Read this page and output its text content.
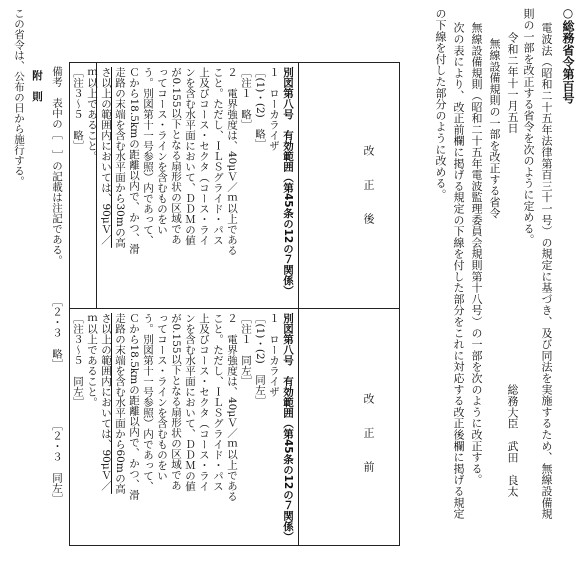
○総務省令第百号
電波法（昭和二十五年法律第百三十一号）の規定に基づき、及び同法を実施するため、無線設備規
則の一部を改正する省令を次のように定める。
令和二年十一月五日
総務大臣　武田　良太
無線設備規則の一部を改正する省令
無線設備規則（昭和二十五年電波監理委員会規則第十八号）の一部を次のように改正する。
次の表により、改正前欄に掲げる規定の下線を付した部分をこれに対応する改正後欄に掲げる規定
の下線を付した部分のように改める。
改　正　後
改　正　前
別図第八号　有効範囲（第45条の12の７関係）
１　ローカライザ
［(1)・(2)　略］
［注１　略］
２　電界強度は、40μＶ／ｍ以上である
こと。ただし、ＩＬＳグライド・パス
上及びコース・セクタ（コース・ライ
ンを含む水平面において、ＤＤＭの値
が0.155以下となる扇形状の区域であ
ってコース・ラインを含むものをい
う。別図第十一号参照）内であって、
Ｃから18.5kmの距離以内で、かつ、滑
走路の末端を含む水平面から30mの高
さ以上の範囲内においては、90μＶ／
ｍ以上であること。
［注３～５　略］
別図第八号　有効範囲（第45条の12の７関係）
１　ローカライザ
［(1)・(2)　同左］
［注１　同左］
２　電界強度は、40μＶ／ｍ以上である
こと。ただし、ＩＬＳグライド・パス
上及びコース・セクタ（コース・ライ
ンを含む水平面において、ＤＤＭの値
が0.155以下となる扇形状の区域であ
ってコース・ラインを含むものをい
う。別図第十一号参照）内であって、
Ｃから18.5kmの距離以内で、かつ、滑
走路の末端を含む水平面から60mの高
さ以上の範囲内においては、90μＶ／
ｍ以上であること。
［注３～５　同左］
備考　表中の［　］の記載は注記である。
［２・３　略］
［２・３　同左］
附　則
この省令は、公布の日から施行する。
